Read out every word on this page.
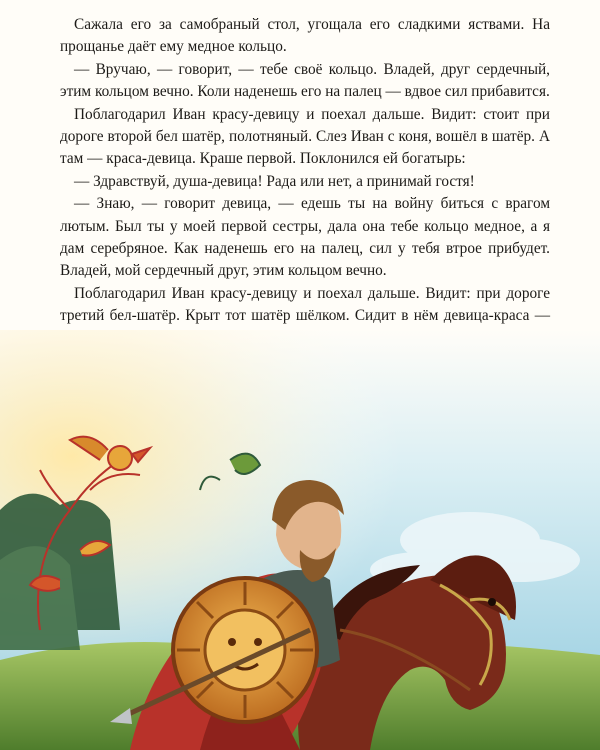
Сажала его за самобраный стол, угощала его сладкими яствами. На прощанье даёт ему медное кольцо.

— Вручаю, — говорит, — тебе своё кольцо. Владей, друг сердечный, этим кольцом вечно. Коли наденешь его на палец — вдвое сил прибавится.

Поблагодарил Иван красу-девицу и поехал дальше. Видит: стоит при дороге второй бел шатёр, полотняный. Слез Иван с коня, вошёл в шатёр. А там — краса-девица. Краше первой. Поклонился ей богатырь:

— Здравствуй, душа-девица! Рада или нет, а принимай гостя!

— Знаю, — говорит девица, — едешь ты на войну биться с врагом лютым. Был ты у моей первой сестры, дала она тебе кольцо медное, а я дам серебряное. Как наденешь его на палец, сил у тебя втрое прибудет. Владей, мой сердечный друг, этим кольцом вечно.

Поблагодарил Иван красу-девицу и поехал дальше. Видит: при дороге третий бел-шатёр. Крыт тот шатёр шёлком. Сидит в нём девица-краса —
